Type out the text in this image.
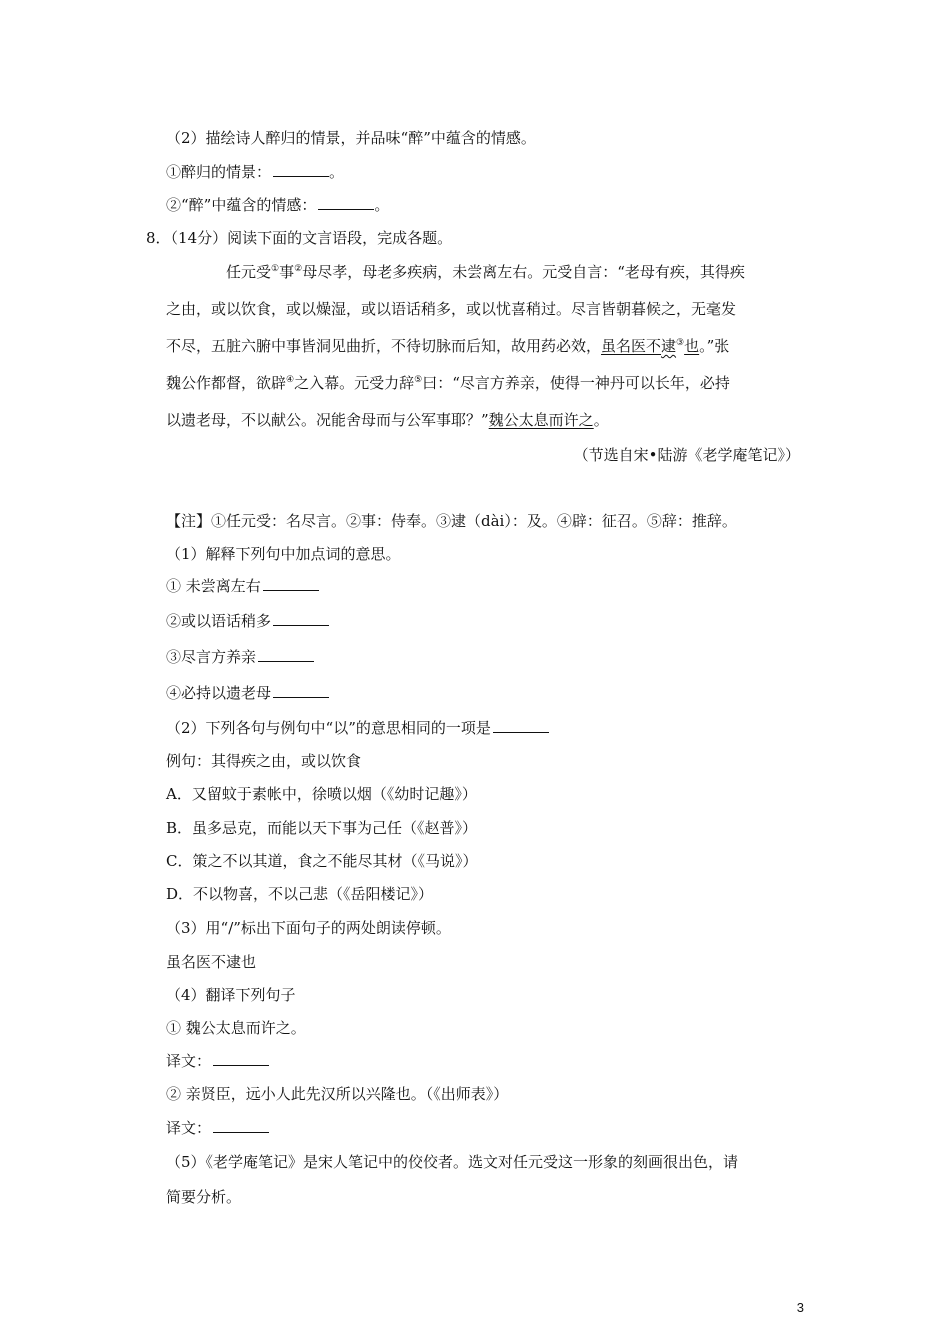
（2）描绘诗人醉归的情景，并品味“醉”中蕴含的情感。
①醉归的情景：	。
②“醉”中蕴含的情感：	。
8．（14分）阅读下面的文言语段，完成各题。
任元受①事②母尽孝，母老多疾病，未尝离左右。元受自言：“老母有疾，其得疾
之由，或以饮食，或以燥湿，或以语话稍多，或以忧喜稍过。尽言皆朝暮候之，无毫发
不尽，五脏六腑中事皆洞见曲折，不待切脉而后知，故用药必效，虽名医不逮③也。”张
魏公作都督，欲辟④之入幕。元受力辞⑤曰：“尽言方养亲，使得一神丹可以长年，必持
以遗老母，不以献公。况能舍母而与公军事耶？”魏公太息而许之。
（节选自宋•陆游《老学庵笔记》）
【注】①任元受：名尽言。②事：侍奉。③逮（dài）：及。④辟：征召。⑤辞：推辞。
（1）解释下列句中加点词的意思。
① 未尝离左右
②或以语话稍多
③尽言方养亲
④必持以遗老母
（2）下列各句与例句中“以”的意思相同的一项是
例句：其得疾之由，或以饮食
A．又留蚊于素帐中，徐喷以烟（《幼时记趣》）
B．虽多忌克，而能以天下事为己任（《赵普》）
C．策之不以其道，食之不能尽其材（《马说》）
D．不以物喜，不以己悲（《岳阳楼记》）
（3）用“/”标出下面句子的两处朗读停顿。
虽名医不逮也
（4）翻译下列句子
① 魏公太息而许之。
译文：
② 亲贤臣，远小人此先汉所以兴隆也。（《出师表》）
译文：
（5）《老学庵笔记》是宋人笔记中的佼佼者。选文对任元受这一形象的刻画很出色，请
简要分析。
3
